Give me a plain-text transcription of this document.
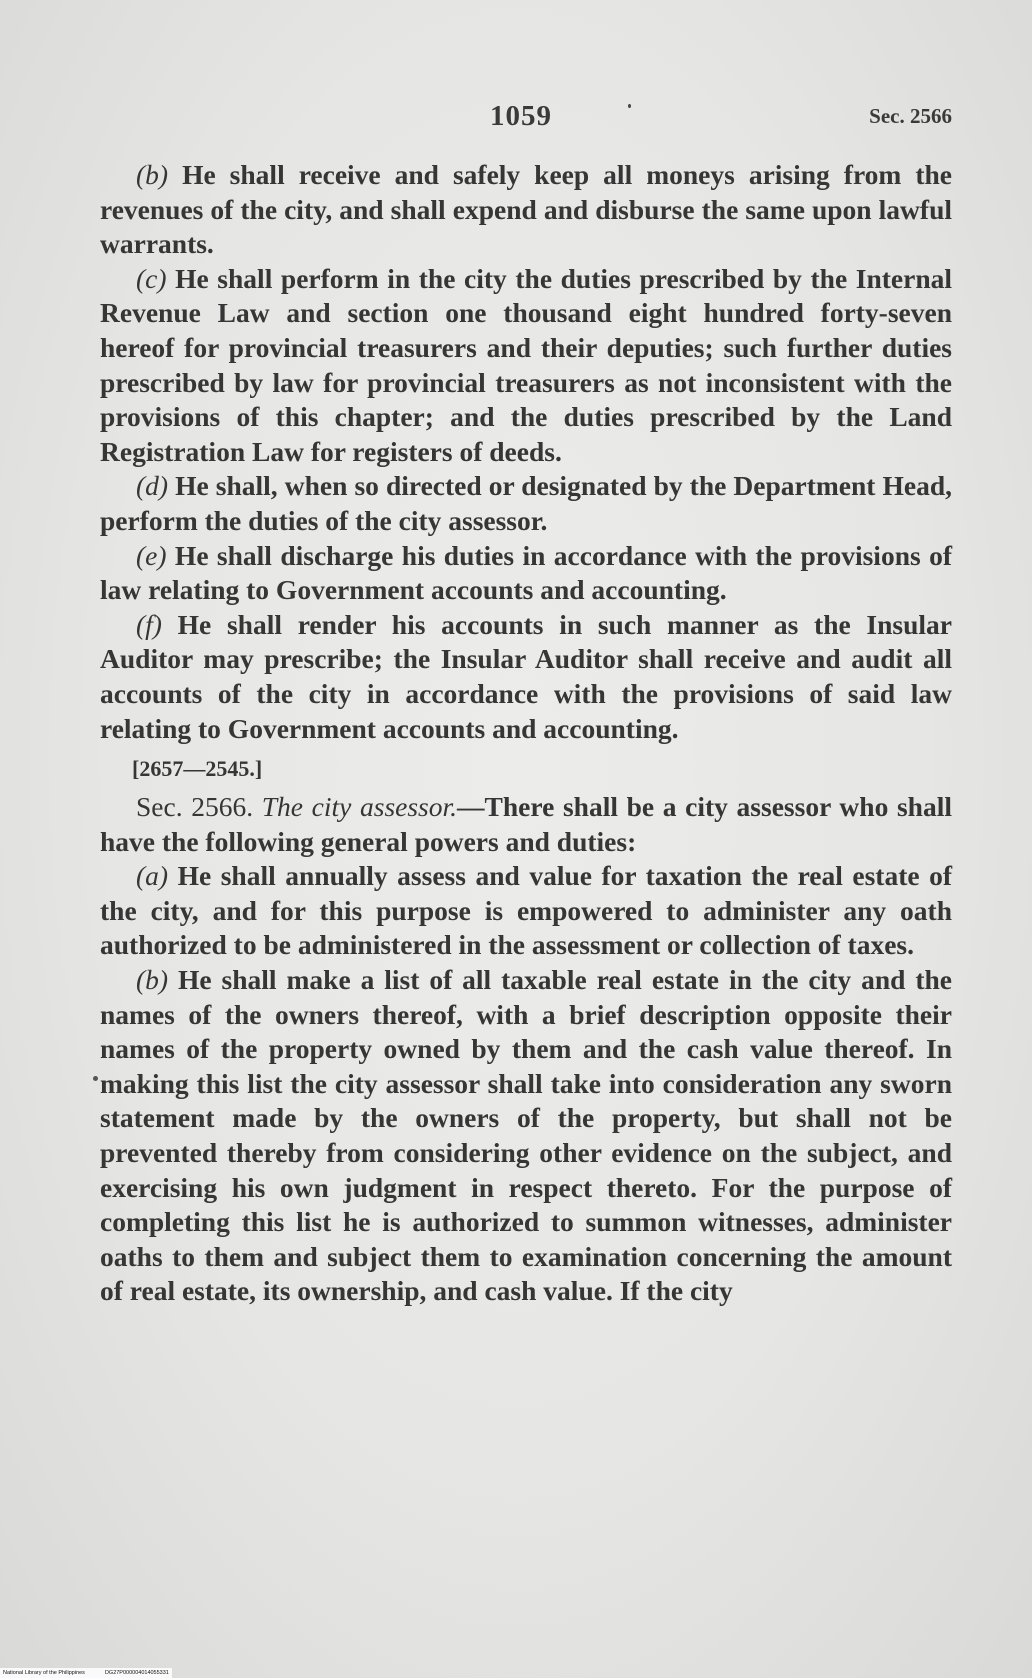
1059	Sec. 2566

(b) He shall receive and safely keep all moneys arising from the revenues of the city, and shall expend and disburse the same upon lawful warrants.

(c) He shall perform in the city the duties prescribed by the Internal Revenue Law and section one thousand eight hundred forty-seven hereof for provincial treasurers and their deputies; such further duties prescribed by law for provincial treasurers as not inconsistent with the provisions of this chapter; and the duties prescribed by the Land Registration Law for registers of deeds.

(d) He shall, when so directed or designated by the Department Head, perform the duties of the city assessor.

(e) He shall discharge his duties in accordance with the provisions of law relating to Government accounts and accounting.

(f) He shall render his accounts in such manner as the Insular Auditor may prescribe; the Insular Auditor shall receive and audit all accounts of the city in accordance with the provisions of said law relating to Government accounts and accounting.

[2657—2545.]

Sec. 2566. The city assessor.—There shall be a city assessor who shall have the following general powers and duties:

(a) He shall annually assess and value for taxation the real estate of the city, and for this purpose is empowered to administer any oath authorized to be administered in the assessment or collection of taxes.

(b) He shall make a list of all taxable real estate in the city and the names of the owners thereof, with a brief description opposite their names of the property owned by them and the cash value thereof. In making this list the city assessor shall take into consideration any sworn statement made by the owners of the property, but shall not be prevented thereby from considering other evidence on the subject, and exercising his own judgment in respect thereto. For the purpose of completing this list he is authorized to summon witnesses, administer oaths to them and subject them to examination concerning the amount of real estate, its ownership, and cash value. If the city

National Library of the Philippines	DG27P000004014055331
